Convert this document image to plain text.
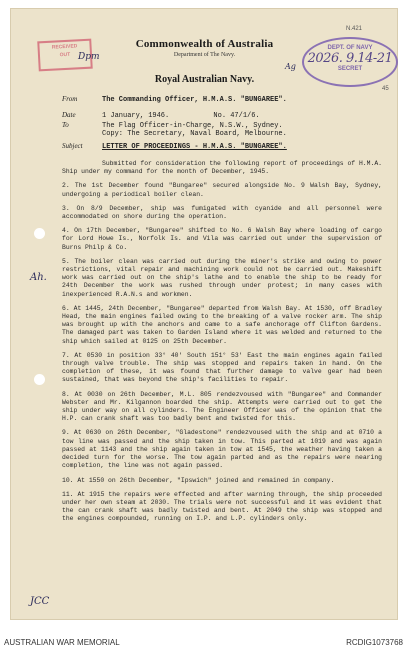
RECEIVED
OUT Dpm
DEPT. OF NAVY
2026. 9.14-21
SECRET
N.421
45
Ag
Commonwealth of Australia
Department of The Navy.
Royal Australian Navy.
From	The Commanding Officer, H.M.A.S. "BUNGAREE".
Date	1 January, 1946.	No. 47/1/6.
To	The Flag Officer-in-Charge, N.S.W., Sydney.
Copy: The Secretary, Naval Board, Melbourne.
Subject	LETTER OF PROCEEDINGS - H.M.A.S. "BUNGAREE".

Submitted for consideration the following report of proceedings of H.M.A. Ship under my command for the month of December, 1945.

2. The 1st December found "Bungaree" secured alongside No. 9 Walsh Bay, Sydney, undergoing a periodical boiler clean.

3. On 8/9 December, ship was fumigated with cyanide and all personnel were accommodated on shore during the operation.

4. On 17th December, "Bungaree" shifted to No. 6 Walsh Bay where loading of cargo for Lord Howe Is., Norfolk Is. and Vila was carried out under the supervision of Burns Philp & Co.

5. The boiler clean was carried out during the miner's strike and owing to power restrictions, vital repair and machining work could not be carried out. Makeshift work was carried out on the ship's lathe and to enable the ship to be ready for 24th December the work was rushed through under protest; in many cases with inexperienced R.A.N.s and workmen.

6. At 1445, 24th December, "Bungaree" departed from Walsh Bay. At 1530, off Bradley Head, the main engines failed owing to the breaking of a valve rocker arm. The ship was brought up with the anchors and came to a safe anchorage off Clifton Gardens. The damaged part was taken to Garden Island where it was welded and returned to the ship which sailed at 0125 on 25th December.

7. At 0530 in position 33° 40' South 151° 53' East the main engines again failed through valve trouble. The ship was stopped and repairs taken in hand. On the completion of these, it was found that further damage to valve gear had been sustained, that was beyond the ship's facilities to repair.

8. At 0030 on 26th December, M.L. 805 rendezvoused with "Bungaree" and Commander Webster and Mr. Kilgannon boarded the ship. Attempts were carried out to get the ship under way on all cylinders. The Engineer Officer was of the opinion that the H.P. can crank shaft was too badly bent and twisted for this.

9. At 0630 on 26th December, "Gladestone" rendezvoused with the ship and at 0710 a tow line was passed and the ship taken in tow. This parted at 1019 and was again passed at 1143 and the ship again taken in tow at 1545, the weather having taken a decided turn for the worse. The tow again parted and as the repairs were nearing completion, the line was not again passed.

10. At 1550 on 26th December, "Ipswich" joined and remained in company.

11. At 1915 the repairs were effected and after warning through, the ship proceeded under her own steam at 2030. The trials were not successful and it was evident that the can crank shaft was badly twisted and bent. At 2049 the ship was stopped and the engines compounded, running on I.P. and L.P. cylinders only.

Ah.
JCC
AUSTRALIAN WAR MEMORIAL	RCDIG1073768
